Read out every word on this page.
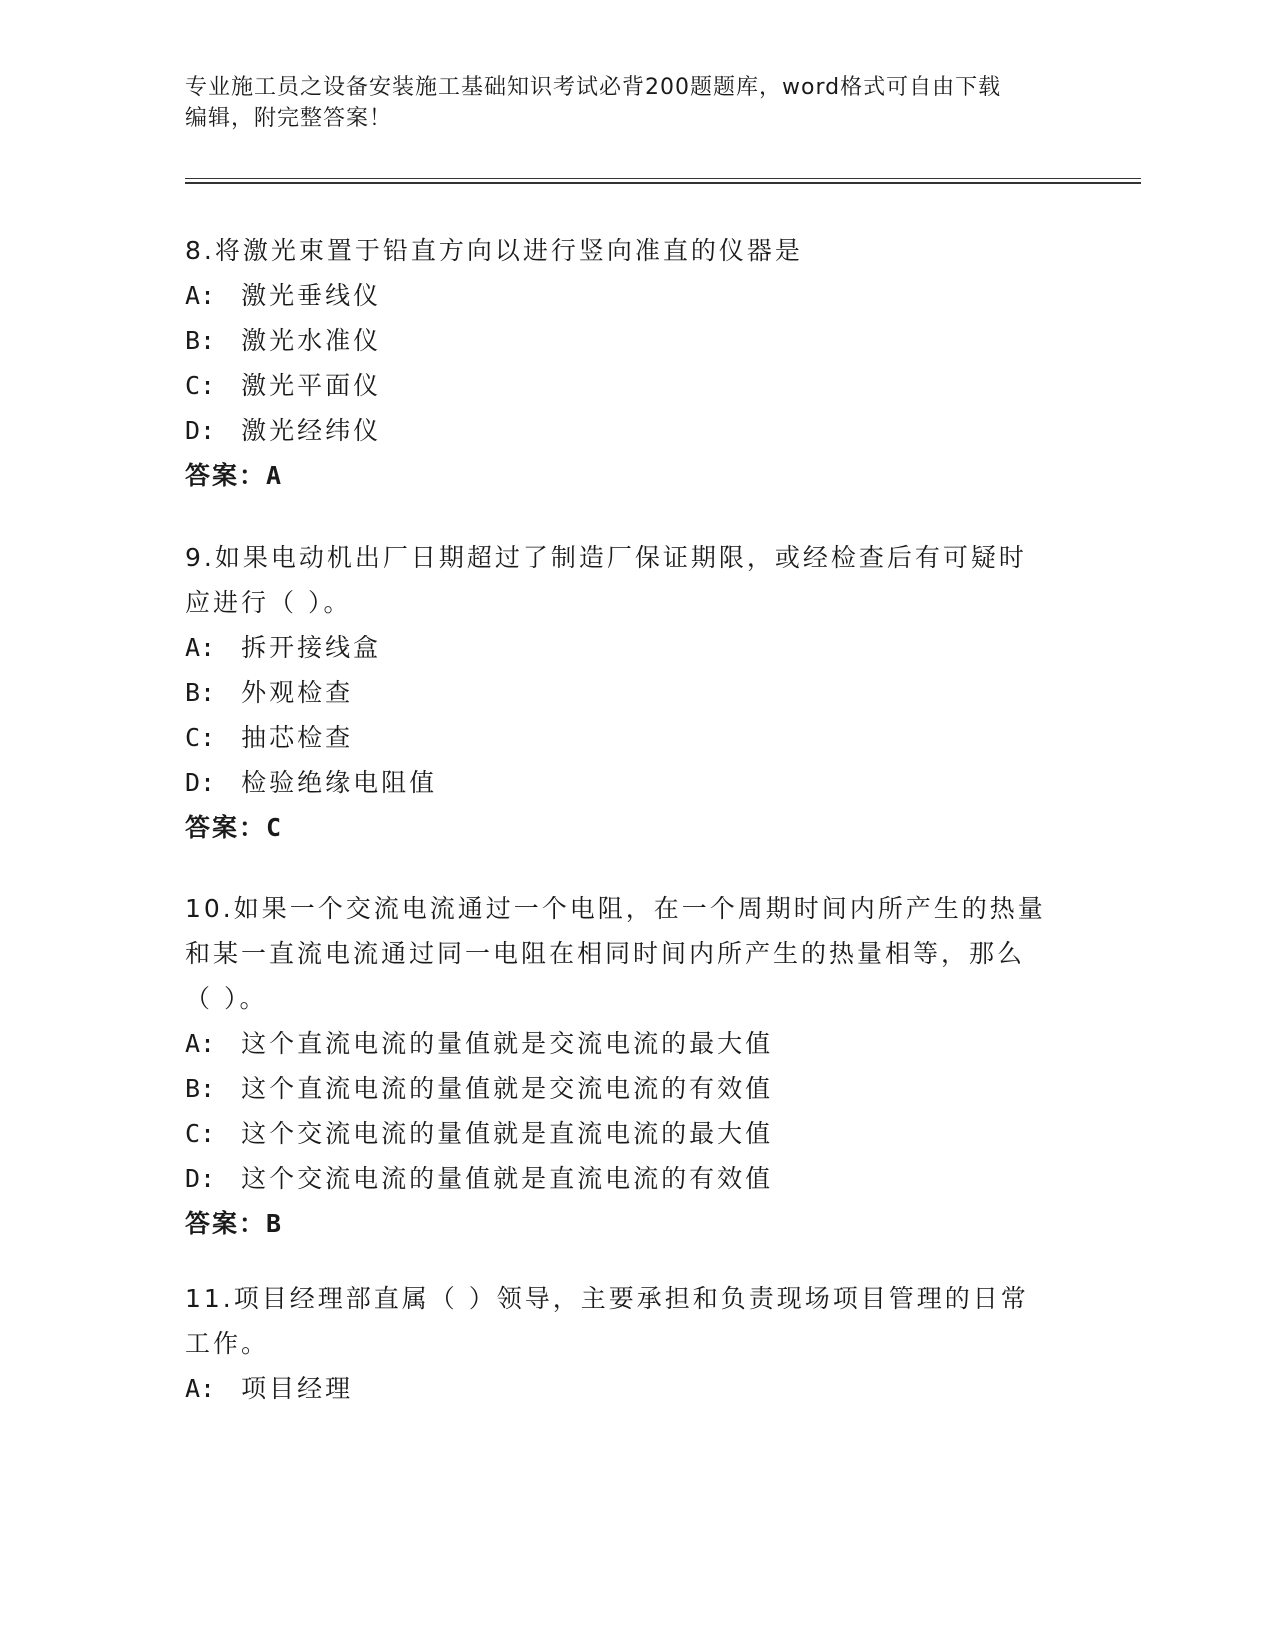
专业施工员之设备安装施工基础知识考试必背200题题库，word格式可自由下载
编辑，附完整答案！

8.将激光束置于铅直方向以进行竖向准直的仪器是

A: 激光垂线仪

B: 激光水准仪

C: 激光平面仪

D: 激光经纬仪

答案：A

9.如果电动机出厂日期超过了制造厂保证期限，或经检查后有可疑时

应进行（ ）。

A: 拆开接线盒

B: 外观检查

C: 抽芯检查

D: 检验绝缘电阻值

答案：C

10.如果一个交流电流通过一个电阻，在一个周期时间内所产生的热量

和某一直流电流通过同一电阻在相同时间内所产生的热量相等，那么

（ ）。

A: 这个直流电流的量值就是交流电流的最大值

B: 这个直流电流的量值就是交流电流的有效值

C: 这个交流电流的量值就是直流电流的最大值

D: 这个交流电流的量值就是直流电流的有效值

答案：B

11.项目经理部直属（ ）领导，主要承担和负责现场项目管理的日常

工作。

A: 项目经理
